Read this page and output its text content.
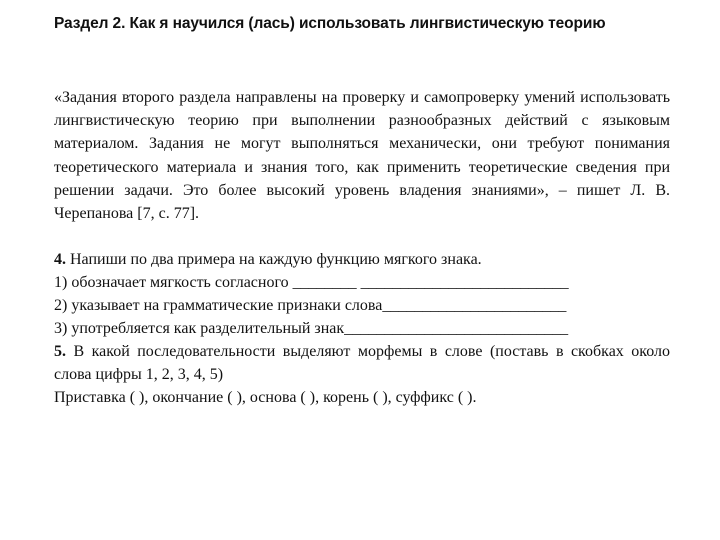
Раздел 2. Как я научился (лась) использовать лингвистическую теорию

«Задания второго раздела направлены на проверку и самопроверку умений использовать лингвистическую теорию при выполнении разнообразных действий с языковым материалом. Задания не могут выполняться механически, они требуют понимания теоретического материала и знания того, как применить теоретические сведения при решении задачи. Это более высокий уровень владения знаниями», – пишет Л. В. Черепанова [7, с. 77].

4. Напиши по два примера на каждую функцию мягкого знака.
1) обозначает мягкость согласного ________ __________________________
2) указывает на грамматические признаки слова_______________________
3) употребляется как разделительный знак____________________________
5. В какой последовательности выделяют морфемы в слове (поставь в скобках около слова цифры 1, 2, 3, 4, 5)
Приставка ( ), окончание ( ), основа ( ), корень ( ), суффикс ( ).
